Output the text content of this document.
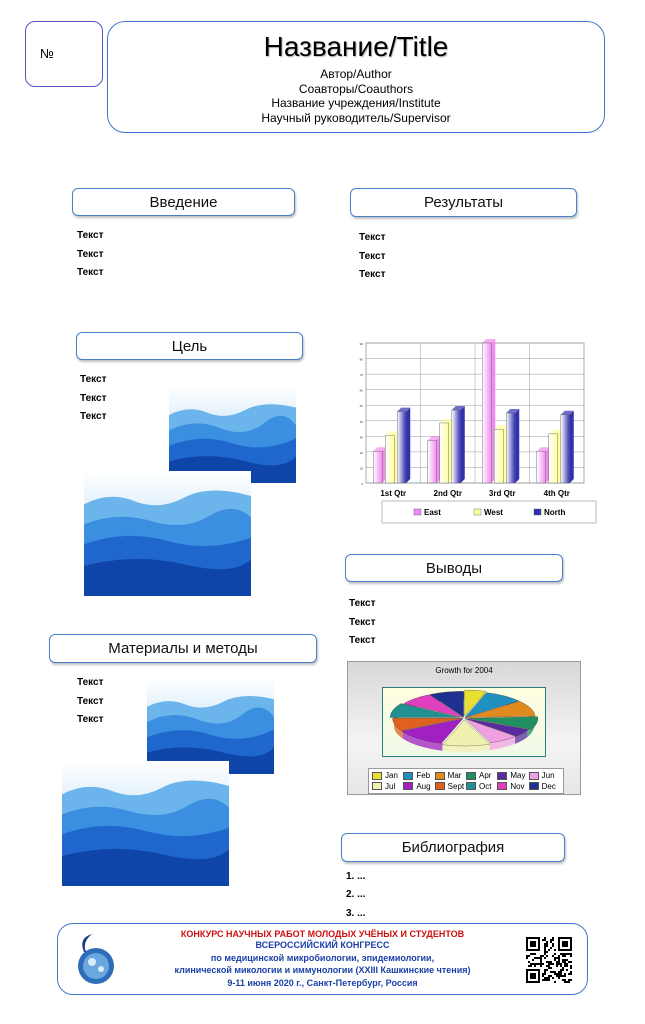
№	Название/Title
Автор/Author
Соавторы/Coauthors
Название учреждения/Institute
Научный руководитель/Supervisor
Введение
Текст
Текст
Текст
Цель
Текст
Текст
Текст
Материалы и методы
Текст
Текст
Текст
Результаты
Текст
Текст
Текст
0
10
20
30
40
50
60
70
80
90
1st Qtr	2nd Qtr	3rd Qtr	4th Qtr
East	West	North
Выводы
Текст
Текст
Текст
Growth for 2004
Jan Feb Mar Apr May Jun
Jul	Aug Sept Oct Nov Dec
Библиография
1. ...
2. ...
3. ...
КОНКУРС НАУЧНЫХ РАБОТ МОЛОДЫХ УЧЁНЫХ И СТУДЕНТОВ
ВСЕРОССИЙСКИЙ КОНГРЕСС
по медицинской микробиологии, эпидемиологии,
клинической микологии и иммунологии (XXIII Кашкинские чтения)
9-11 июня 2020 г., Санкт-Петербург, Россия
